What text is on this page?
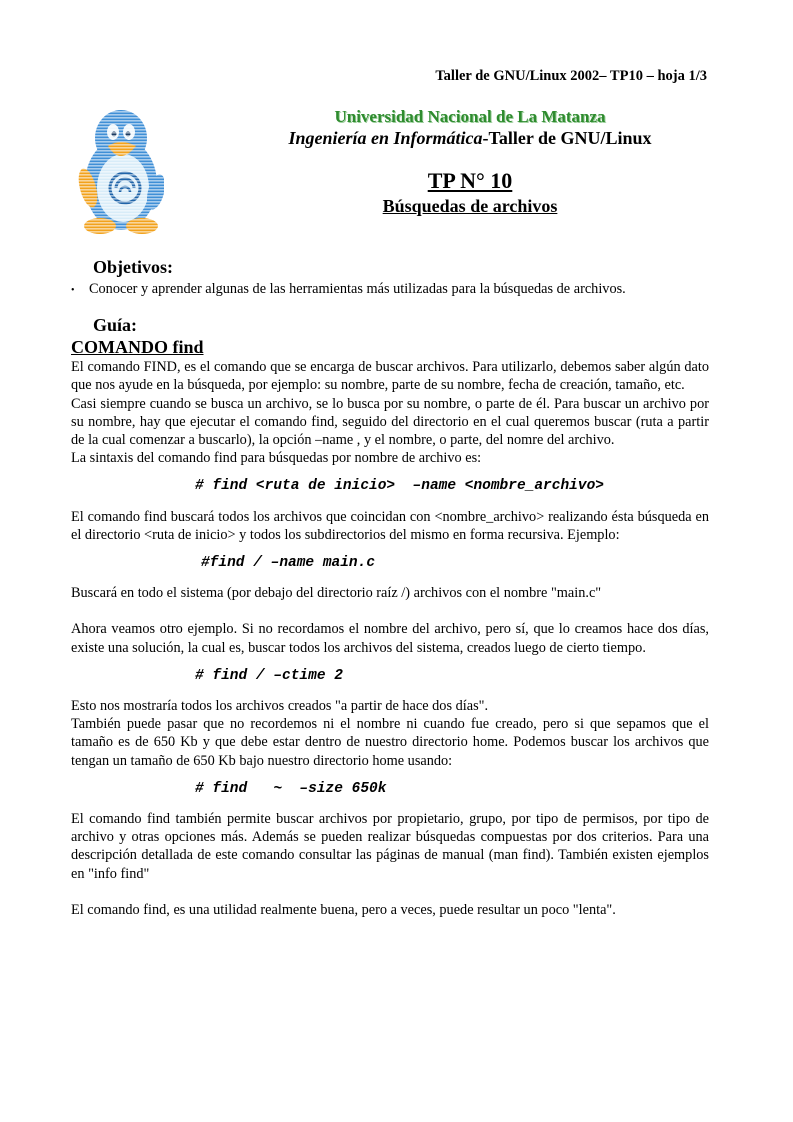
Taller de GNU/Linux 2002– TP10 – hoja 1/3
Universidad Nacional de La Matanza
Ingeniería en Informática-Taller de GNU/Linux
TP N° 10
Búsquedas de archivos
Objetivos:
•	Conocer y aprender algunas de las herramientas más utilizadas para la búsquedas de archivos.
Guía:
COMANDO find

El comando FIND, es el comando que se encarga de buscar archivos. Para utilizarlo, debemos saber algún dato que nos ayude en la búsqueda, por ejemplo: su nombre, parte de su nombre, fecha de creación, tamaño, etc.

Casi siempre cuando se busca un archivo, se lo busca por su nombre, o parte de él. Para buscar un archivo por su nombre, hay que ejecutar el comando find, seguido del directorio en el cual queremos buscar (ruta a partir de la cual comenzar a buscarlo), la opción –name , y el nombre, o parte, del nomre del archivo.

La sintaxis del comando find para búsquedas por nombre de archivo es:

# find <ruta de inicio>  –name <nombre_archivo>

El comando find buscará todos los archivos que coincidan con <nombre_archivo> realizando ésta búsqueda en el directorio <ruta de inicio> y todos los subdirectorios del mismo en forma recursiva. Ejemplo:

#find / –name main.c

Buscará en todo el sistema (por debajo del directorio raíz /) archivos con el nombre "main.c"

Ahora veamos otro ejemplo. Si no recordamos el nombre del archivo, pero sí, que lo creamos hace dos días, existe una solución, la cual es, buscar todos los archivos del sistema, creados luego de cierto tiempo.

# find / –ctime 2

Esto nos mostraría todos los archivos creados "a partir de hace dos días".

También puede pasar que no recordemos ni el nombre ni cuando fue creado, pero si que sepamos que el tamaño es de 650 Kb y que debe estar dentro de nuestro directorio home. Podemos buscar los archivos que tengan un tamaño de 650 Kb bajo nuestro directorio home usando:

# find   ~  –size 650k

El comando find también permite buscar archivos por propietario, grupo, por tipo de permisos, por tipo de archivo y otras opciones más. Además se pueden realizar búsquedas compuestas por dos criterios. Para una descripción detallada de este comando consultar las páginas de manual (man find). También existen ejemplos en "info find"

El comando find, es una utilidad realmente buena, pero a veces, puede resultar un poco "lenta".
